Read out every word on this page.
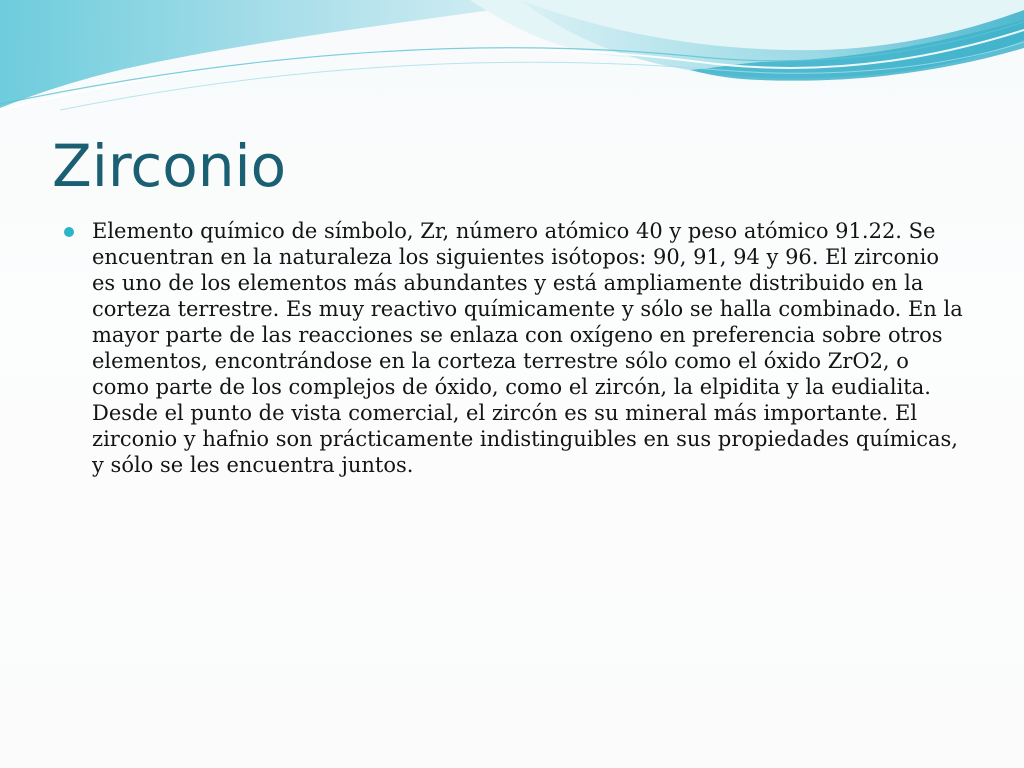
Zirconio
Elemento químico de símbolo, Zr, número atómico 40 y peso atómico 91.22. Se encuentran en la naturaleza los siguientes isótopos: 90, 91, 94 y 96. El zirconio es uno de los elementos más abundantes y está ampliamente distribuido en la corteza terrestre. Es muy reactivo químicamente y sólo se halla combinado. En la mayor parte de las reacciones se enlaza con oxígeno en preferencia sobre otros elementos, encontrándose en la corteza terrestre sólo como el óxido ZrO2, o como parte de los complejos de óxido, como el zircón, la elpidita y la eudialita. Desde el punto de vista comercial, el zircón es su mineral más importante. El zirconio y hafnio son prácticamente indistinguibles en sus propiedades químicas, y sólo se les encuentra juntos.
